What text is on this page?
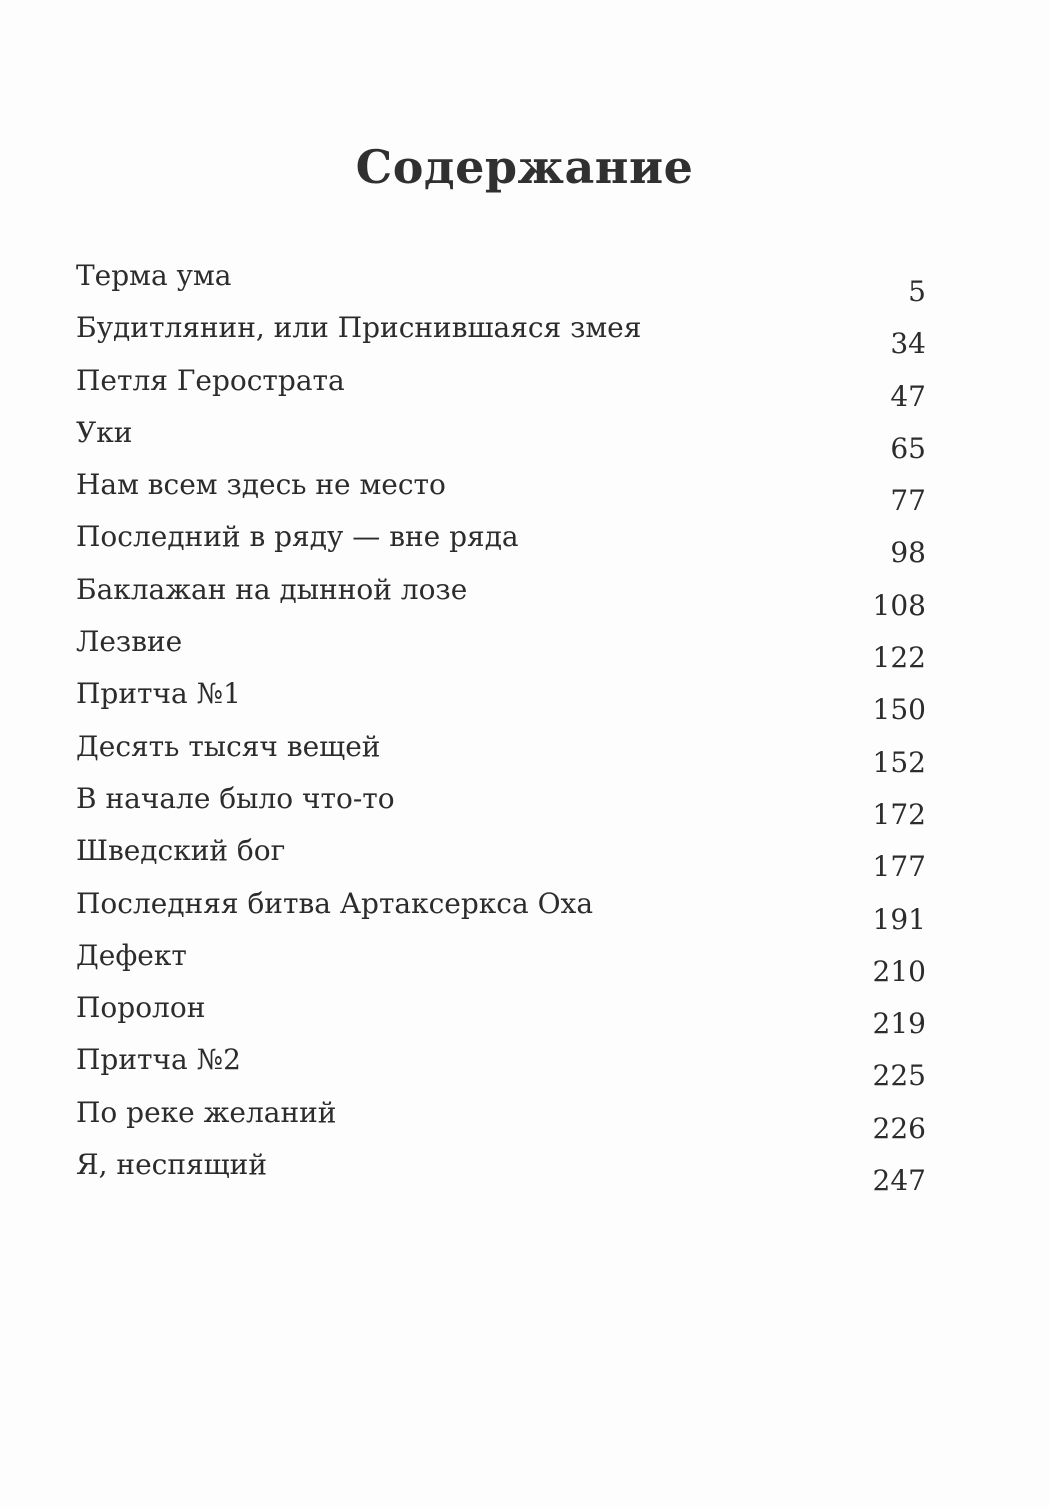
Содержание
Терма ума	5
Будитлянин, или Приснившаяся змея	34
Петля Герострата	47
Уки	65
Нам всем здесь не место	77
Последний в ряду — вне ряда	98
Баклажан на дынной лозе	108
Лезвие	122
Притча №1	150
Десять тысяч вещей	152
В начале было что-то	172
Шведский бог	177
Последняя битва Артаксеркса Оха	191
Дефект	210
Поролон	219
Притча №2	225
По реке желаний	226
Я, неспящий	247
